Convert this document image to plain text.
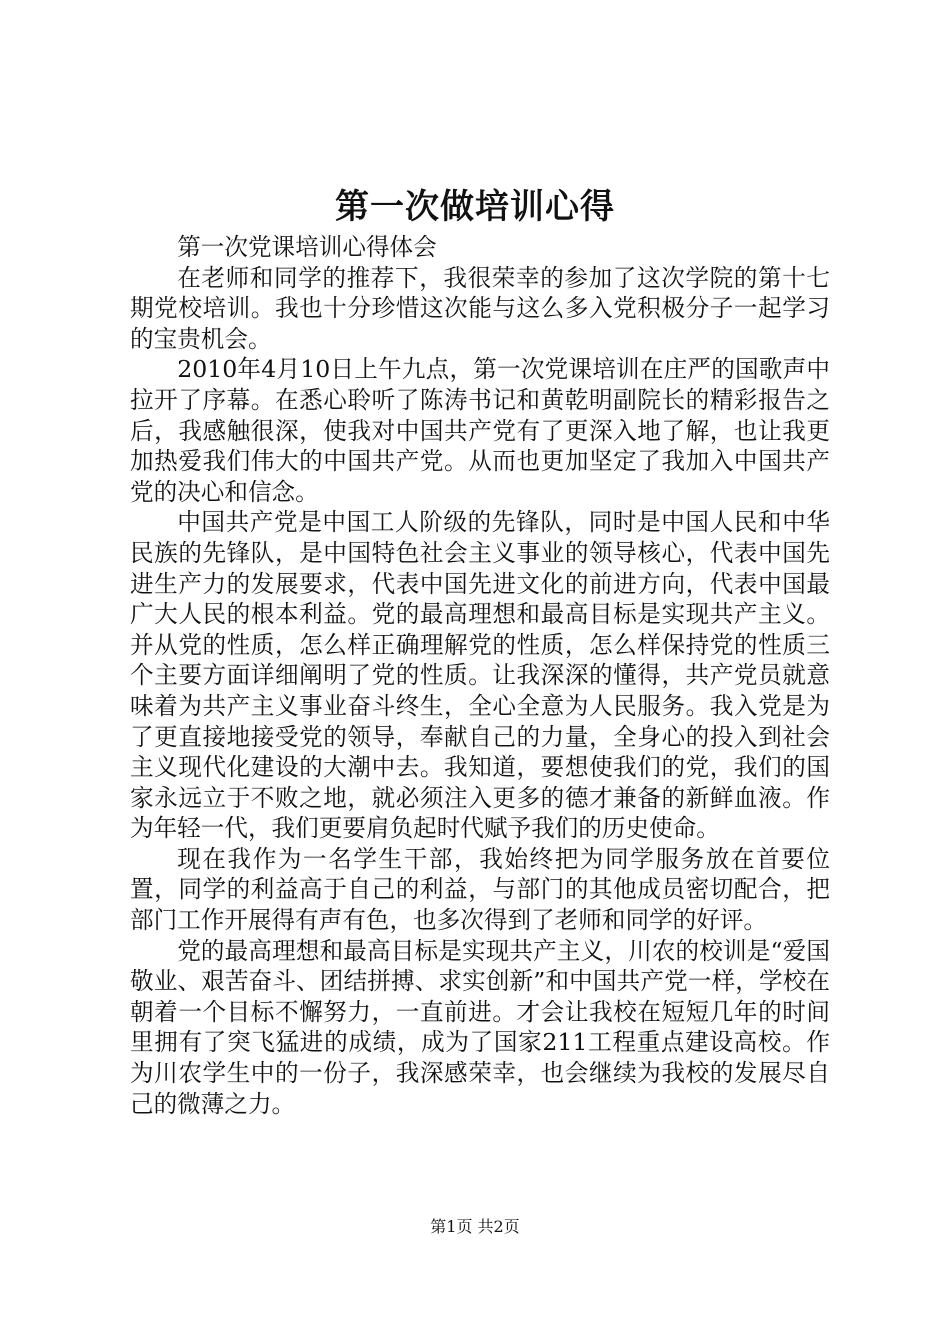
第一次做培训心得

第一次党课培训心得体会

在老师和同学的推荐下，我很荣幸的参加了这次学院的第十七期党校培训。我也十分珍惜这次能与这么多入党积极分子一起学习的宝贵机会。

2010年4月10日上午九点，第一次党课培训在庄严的国歌声中拉开了序幕。在悉心聆听了陈涛书记和黄乾明副院长的精彩报告之后，我感触很深，使我对中国共产党有了更深入地了解，也让我更加热爱我们伟大的中国共产党。从而也更加坚定了我加入中国共产党的决心和信念。

中国共产党是中国工人阶级的先锋队，同时是中国人民和中华民族的先锋队，是中国特色社会主义事业的领导核心，代表中国先进生产力的发展要求，代表中国先进文化的前进方向，代表中国最广大人民的根本利益。党的最高理想和最高目标是实现共产主义。并从党的性质，怎么样正确理解党的性质，怎么样保持党的性质三个主要方面详细阐明了党的性质。让我深深的懂得，共产党员就意味着为共产主义事业奋斗终生，全心全意为人民服务。我入党是为了更直接地接受党的领导，奉献自己的力量，全身心的投入到社会主义现代化建设的大潮中去。我知道，要想使我们的党，我们的国家永远立于不败之地，就必须注入更多的德才兼备的新鲜血液。作为年轻一代，我们更要肩负起时代赋予我们的历史使命。

现在我作为一名学生干部，我始终把为同学服务放在首要位置，同学的利益高于自己的利益，与部门的其他成员密切配合，把部门工作开展得有声有色，也多次得到了老师和同学的好评。

党的最高理想和最高目标是实现共产主义，川农的校训是“爱国敬业、艰苦奋斗、团结拼搏、求实创新”和中国共产党一样，学校在朝着一个目标不懈努力，一直前进。才会让我校在短短几年的时间里拥有了突飞猛进的成绩，成为了国家211工程重点建设高校。作为川农学生中的一份子，我深感荣幸，也会继续为我校的发展尽自己的微薄之力。

第1页 共2页
